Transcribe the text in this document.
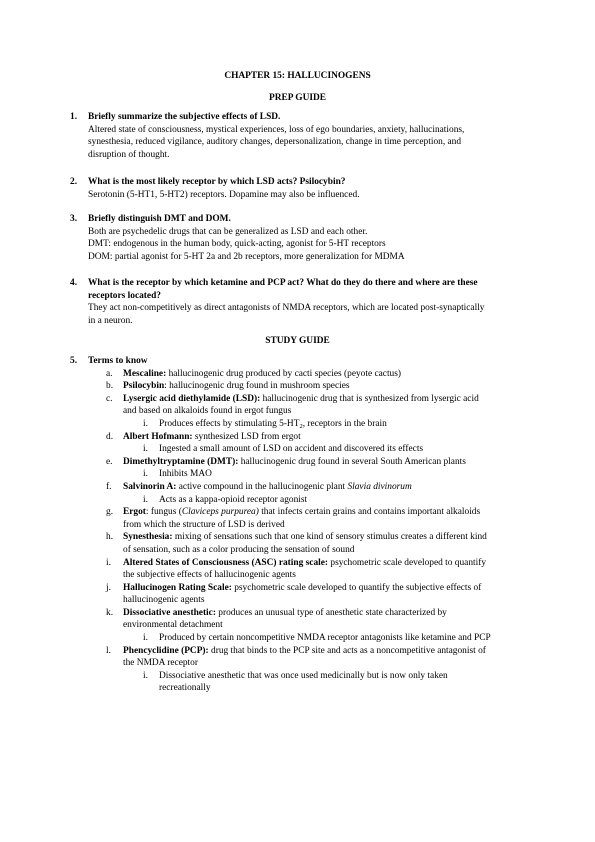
CHAPTER 15: HALLUCINOGENS
PREP GUIDE
1.	Briefly summarize the subjective effects of LSD.
Altered state of consciousness, mystical experiences, loss of ego boundaries, anxiety, hallucinations,
synesthesia, reduced vigilance, auditory changes, depersonalization, change in time perception, and
disruption of thought.
2.	What is the most likely receptor by which LSD acts? Psilocybin?
Serotonin (5-HT1, 5-HT2) receptors. Dopamine may also be influenced.
3.	Briefly distinguish DMT and DOM.
Both are psychedelic drugs that can be generalized as LSD and each other.
DMT: endogenous in the human body, quick-acting, agonist for 5-HT receptors
DOM: partial agonist for 5-HT 2a and 2b receptors, more generalization for MDMA
4.	What is the receptor by which ketamine and PCP act? What do they do there and where are these
receptors located?
They act non-competitively as direct antagonists of NMDA receptors, which are located post-synaptically
in a neuron.
STUDY GUIDE
5.	Terms to know
a.	Mescaline: hallucinogenic drug produced by cacti species (peyote cactus)
b.	Psilocybin: hallucinogenic drug found in mushroom species
c.	Lysergic acid diethylamide (LSD): hallucinogenic drug that is synthesized from lysergic acid
and based on alkaloids found in ergot fungus
i. Produces effects by stimulating $5-HT_2$, receptors in the brain
d.	Albert Hofmann: synthesized LSD from ergot
i. Ingested a small amount of LSD on accident and discovered its effects
e.	Dimethyltryptamine (DMT): hallucinogenic drug found in several South American plants
i. Inhibits MAO
f.	Salvinorin A: active compound in the hallucinogenic plant Slavia divinorum
i. Acts as a kappa-opioid receptor agonist
g.	Ergot: fungus (Claviceps purpurea) that infects certain grains and contains important alkaloids
from which the structure of LSD is derived
h.	Synesthesia: mixing of sensations such that one kind of sensory stimulus creates a different kind
of sensation, such as a color producing the sensation of sound
i.	Altered States of Consciousness (ASC) rating scale: psychometric scale developed to quantify
the subjective effects of hallucinogenic agents
j.	Hallucinogen Rating Scale: psychometric scale developed to quantify the subjective effects of
hallucinogenic agents
k.	Dissociative anesthetic: produces an unusual type of anesthetic state characterized by
environmental detachment
i. Produced by certain noncompetitive NMDA receptor antagonists like ketamine and PCP
l.	Phencyclidine (PCP): drug that binds to the PCP site and acts as a noncompetitive antagonist of
the NMDA receptor
i. Dissociative anesthetic that was once used medicinally but is now only taken
recreationally
